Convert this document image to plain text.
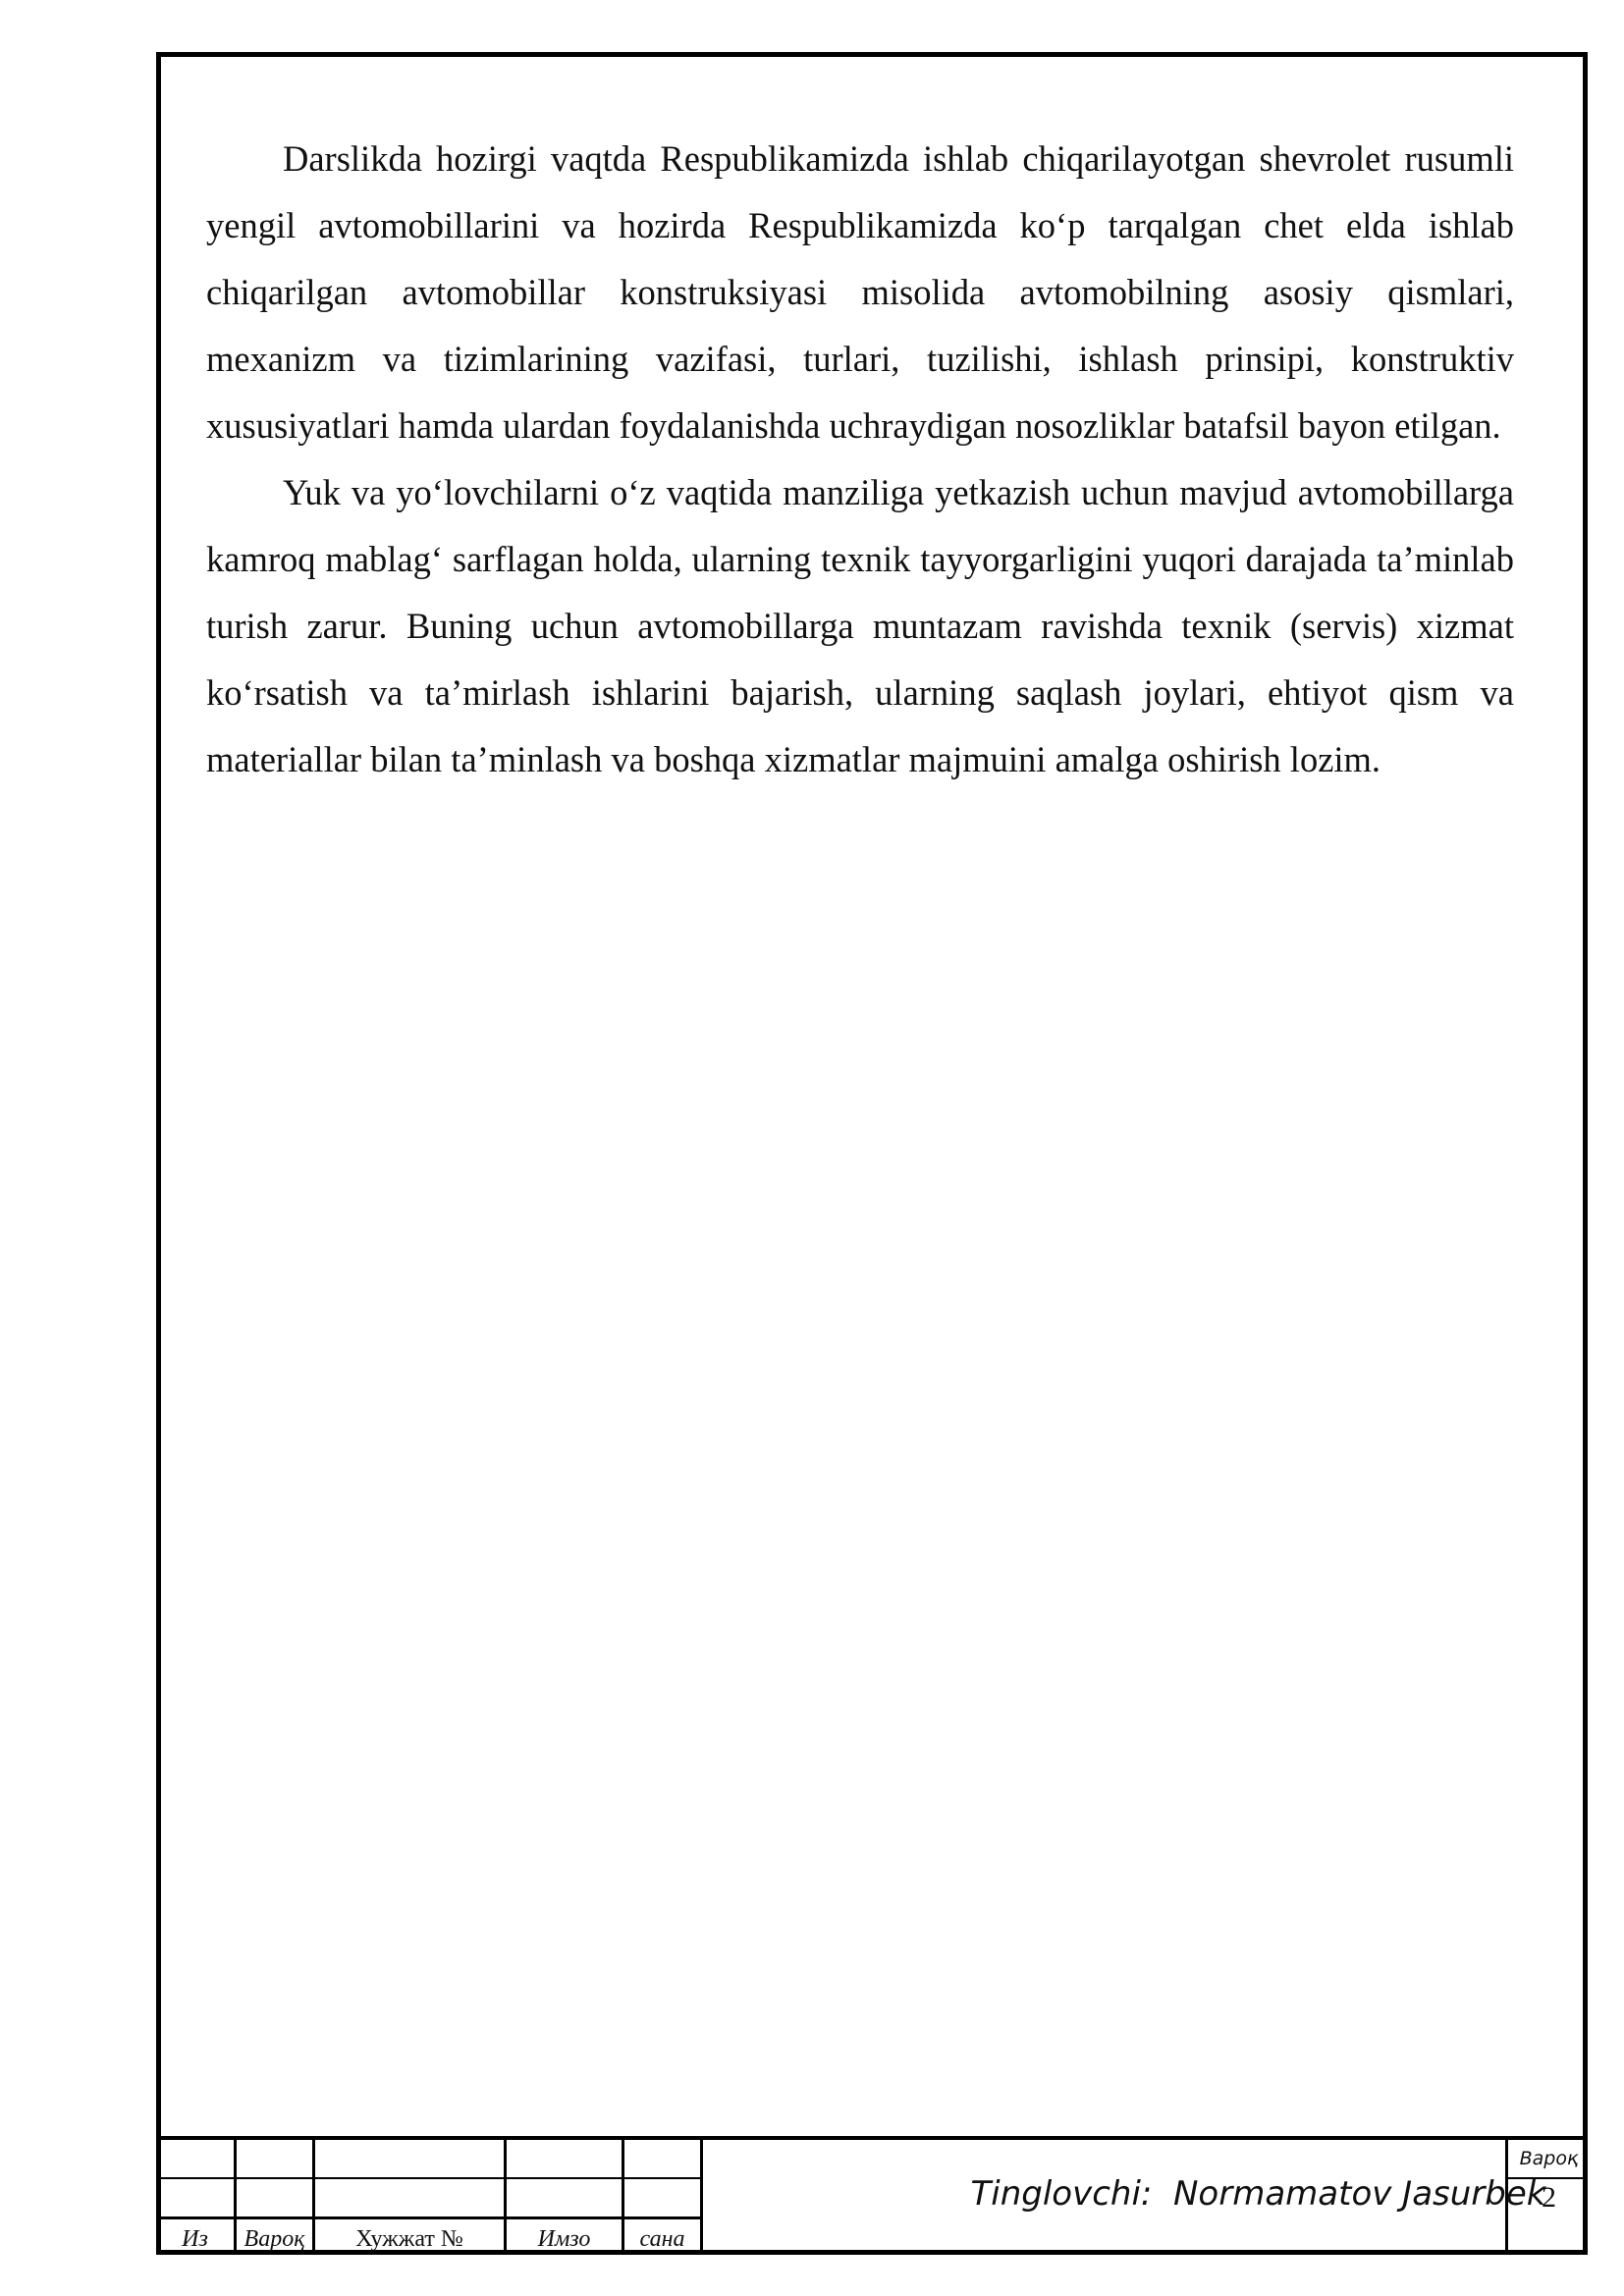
Darslikda hozirgi vaqtda Respublikamizda ishlab chiqarilayotgan shevrolet rusumli yengil avtomobillarini va hozirda Respublikamizda ko‘p tarqalgan chet elda ishlab chiqarilgan avtomobillar konstruksiyasi misolida avtomobilning asosiy qismlari, mexanizm va tizimlarining vazifasi, turlari, tuzilishi, ishlash prinsipi, konstruktiv xususiyatlari hamda ulardan foydalanishda uchraydigan nosozliklar batafsil bayon etilgan.

Yuk va yo‘lovchilarni o‘z vaqtida manziliga yetkazish uchun mavjud avtomobillarga kamroq mablag‘ sarflagan holda, ularning texnik tayyorgarligini yuqori darajada ta’minlab turish zarur. Buning uchun avtomobillarga muntazam ravishda texnik (servis) xizmat ko‘rsatish va ta’mirlash ishlarini bajarish, ularning saqlash joylari, ehtiyot qism va materiallar bilan ta’minlash va boshqa xizmatlar majmuini amalga oshirish lozim.

Из	Вароқ	Хужжат №	Имзо	сана
Tinglovchi:  Normamatov Jasurbek
Вароқ
2
